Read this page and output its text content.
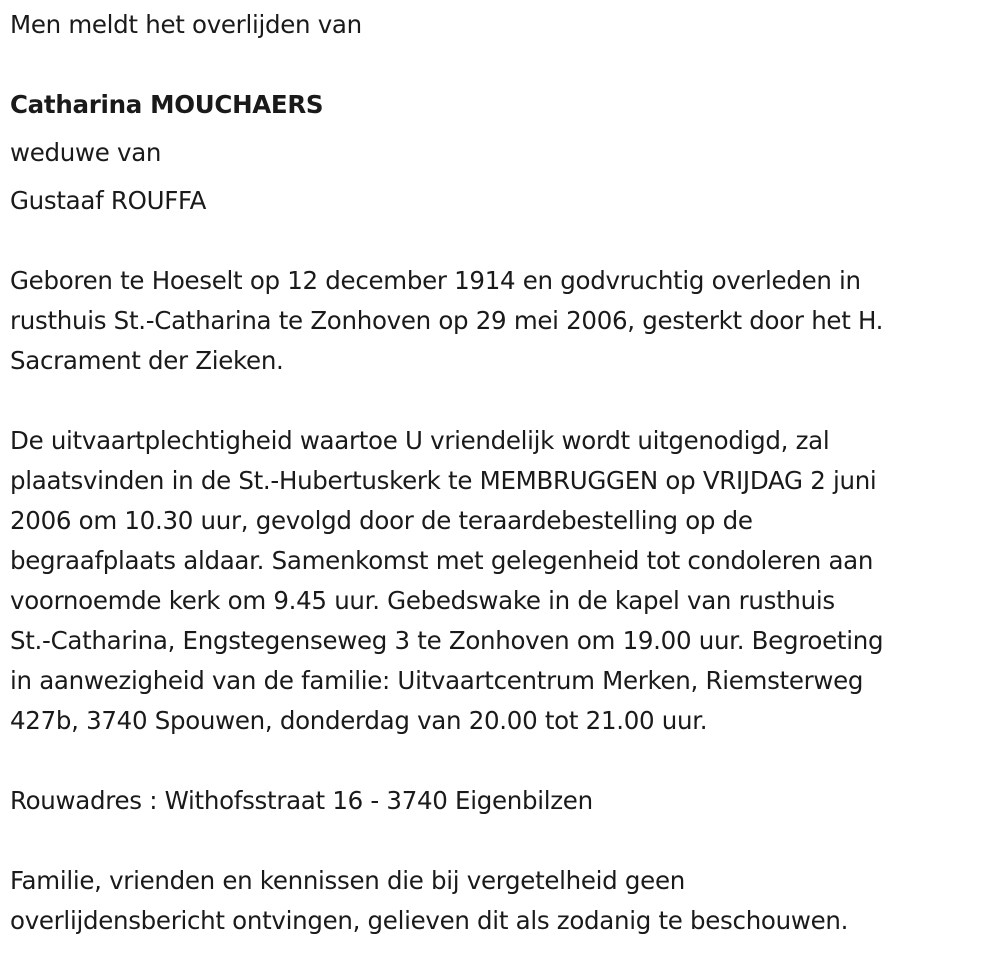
Men meldt het overlijden van

Catharina MOUCHAERS

weduwe van

Gustaaf ROUFFA

Geboren te Hoeselt op 12 december 1914 en godvruchtig overleden in
rusthuis St.-Catharina te Zonhoven op 29 mei 2006, gesterkt door het H.
Sacrament der Zieken.
De uitvaartplechtigheid waartoe U vriendelijk wordt uitgenodigd, zal
plaatsvinden in de St.-Hubertuskerk te MEMBRUGGEN op VRIJDAG 2 juni
2006 om 10.30 uur, gevolgd door de teraardebestelling op de
begraafplaats aldaar. Samenkomst met gelegenheid tot condoleren aan
voornoemde kerk om 9.45 uur. Gebedswake in de kapel van rusthuis
St.-Catharina, Engstegenseweg 3 te Zonhoven om 19.00 uur. Begroeting
in aanwezigheid van de familie: Uitvaartcentrum Merken, Riemsterweg
427b, 3740 Spouwen, donderdag van 20.00 tot 21.00 uur.

Rouwadres : Withofsstraat 16 - 3740 Eigenbilzen

Familie, vrienden en kennissen die bij vergetelheid geen
overlijdensbericht ontvingen, gelieven dit als zodanig te beschouwen.
